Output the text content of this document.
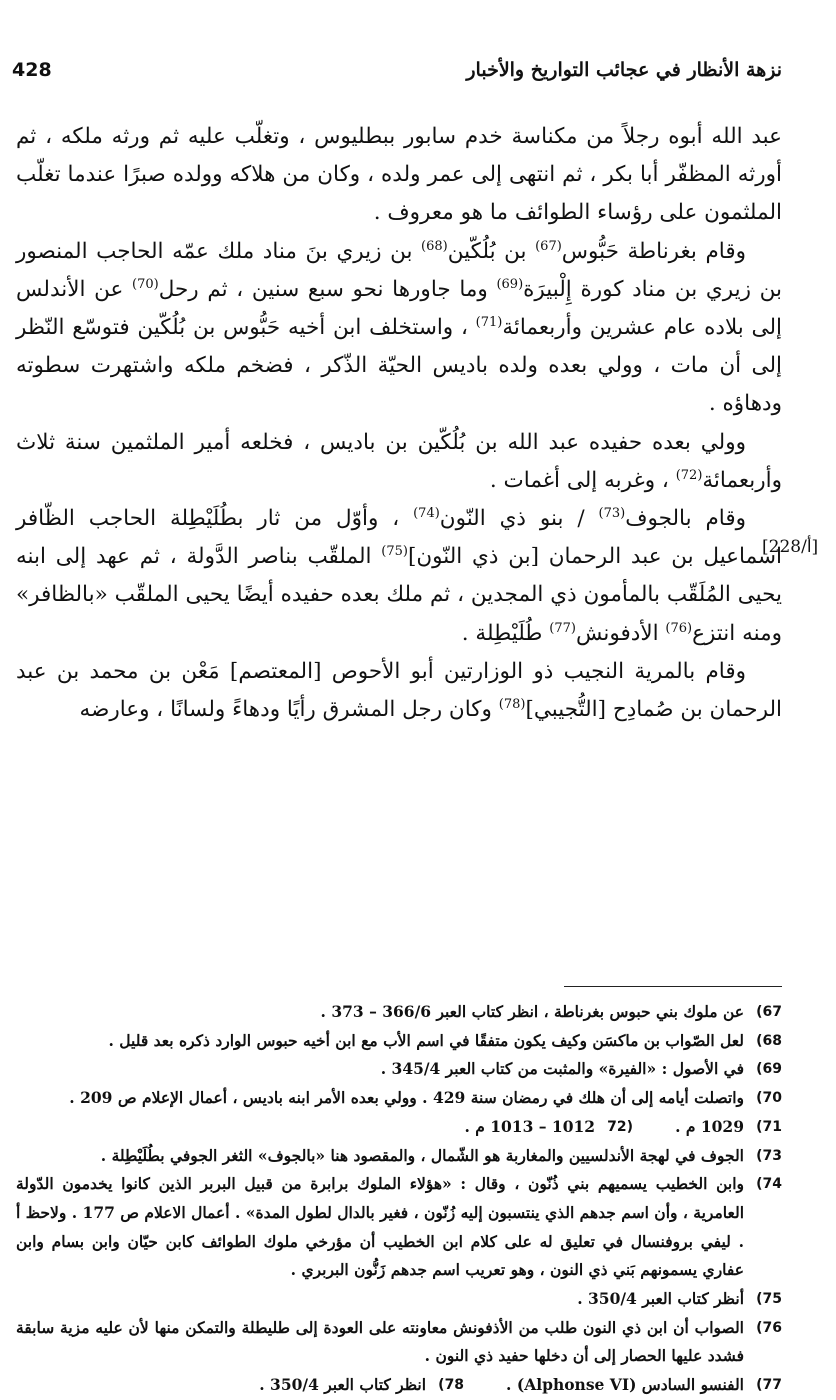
نزهة الأنظار في عجائب التواريخ والأخبار
428
[228/أ]

عبد الله أبوه رجلاً من مكناسة خدم سابور ببطليوس ، وتغلّب عليه ثم ورثه ملكه ، ثم أورثه المظفّر أبا بكر ، ثم انتهى إلى عمر ولده ، وكان من هلاكه وولده صبرًا عندما تغلّب الملثمون على رؤساء الطوائف ما هو معروف .

وقام بغرناطة حَبُّوس$^{(67)}$ بن بُلُكّين$^{(68)}$ بن زيري بنَ مناد ملك عمّه الحاجب المنصور بن زيري بن مناد كورة إِلْبيرَة$^{(69)}$ وما جاورها نحو سبع سنين ، ثم رحل$^{(70)}$ عن الأندلس إلى بلاده عام عشرين وأربعمائة$^{(71)}$ ، واستخلف ابن أخيه حَبُّوس بن بُلُكّين فتوسّع النّظر إلى أن مات ، وولي بعده ولده باديس الحيّة الذّكر ، فضخم ملكه واشتهرت سطوته ودهاؤه .

وولي بعده حفيده عبد الله بن بُلُكّين بن باديس ، فخلعه أمير الملثمين سنة ثلاث وأربعمائة$^{(72)}$ ، وغربه إلى أغمات .

وقام بالجوف$^{(73)}$ / بنو ذي النّون$^{(74)}$ ، وأوّل من ثار بطُلَيْطِلة الحاجب الظّافر اسماعيل بن عبد الرحمان [بن ذي النّون]$^{(75)}$ الملقّب بناصر الدَّولة ، ثم عهد إلى ابنه يحيى المُلَقّب بالمأمون ذي المجدين ، ثم ملك بعده حفيده أيضًا يحيى الملقّب «بالظافر» ومنه انتزع$^{(76)}$ الأدفونش$^{(77)}$ طُلَيْطِلة .

وقام بالمرية النجيب ذو الوزارتين أبو الأحوص [المعتصم] مَعْن بن محمد بن عبد الرحمان بن صُمادِح [التُّجيبي]$^{(78)}$ وكان رجل المشرق رأيًا ودهاءً ولسانًا ، وعارضه

67)
عن ملوك بني حبوس بغرناطة ، انظر كتاب العبر 366/6 – 373 .
68)
لعل الصّواب بن ماكسَن وكيف يكون متفقًا في اسم الأب مع ابن أخيه حبوس الوارد ذكره بعد قليل .
69)
في الأصول : «الفيرة» والمثبت من كتاب العبر 345/4 .
70)
واتصلت أيامه إلى أن هلك في رمضان سنة 429 . وولي بعده الأمر ابنه باديس ، أعمال الإعلام ص 209 .
71)
1029 م .
(72
1012 – 1013 م .
73)
الجوف في لهجة الأندلسيين والمغاربة هو الشّمال ، والمقصود هنا «بالجوف» الثغر الجوفي بطُلَيْطِلة .
74)
وابن الخطيب يسميهم بني ذُنّون ، وقال : «هؤلاء الملوك برابرة من قبيل البربر الذين كانوا يخدمون الدّولة العامرية ، وأن اسم جدهم الذي ينتسبون إليه زُنّون ، فغير بالدال لطول المدة» . أعمال الاعلام ص 177 . ولاحظ أ . ليفي بروفنسال في تعليق له على كلام ابن الخطيب أن مؤرخي ملوك الطوائف كابن حيّان وابن بسام وابن عفاري يسمونهم بَني ذي النون ، وهو تعريب اسم جدهم زَنُّون البربري .
75)
أنظر كتاب العبر 350/4 .
76)
الصواب أن ابن ذي النون طلب من الأذفونش معاونته على العودة إلى طليطلة والتمكن منها لأن عليه مزية سابقة فشدد عليها الحصار إلى أن دخلها حفيد ذي النون .
77)
الفنسو السادس (Alphonse VI) .
78)
انظر كتاب العبر 350/4 .
